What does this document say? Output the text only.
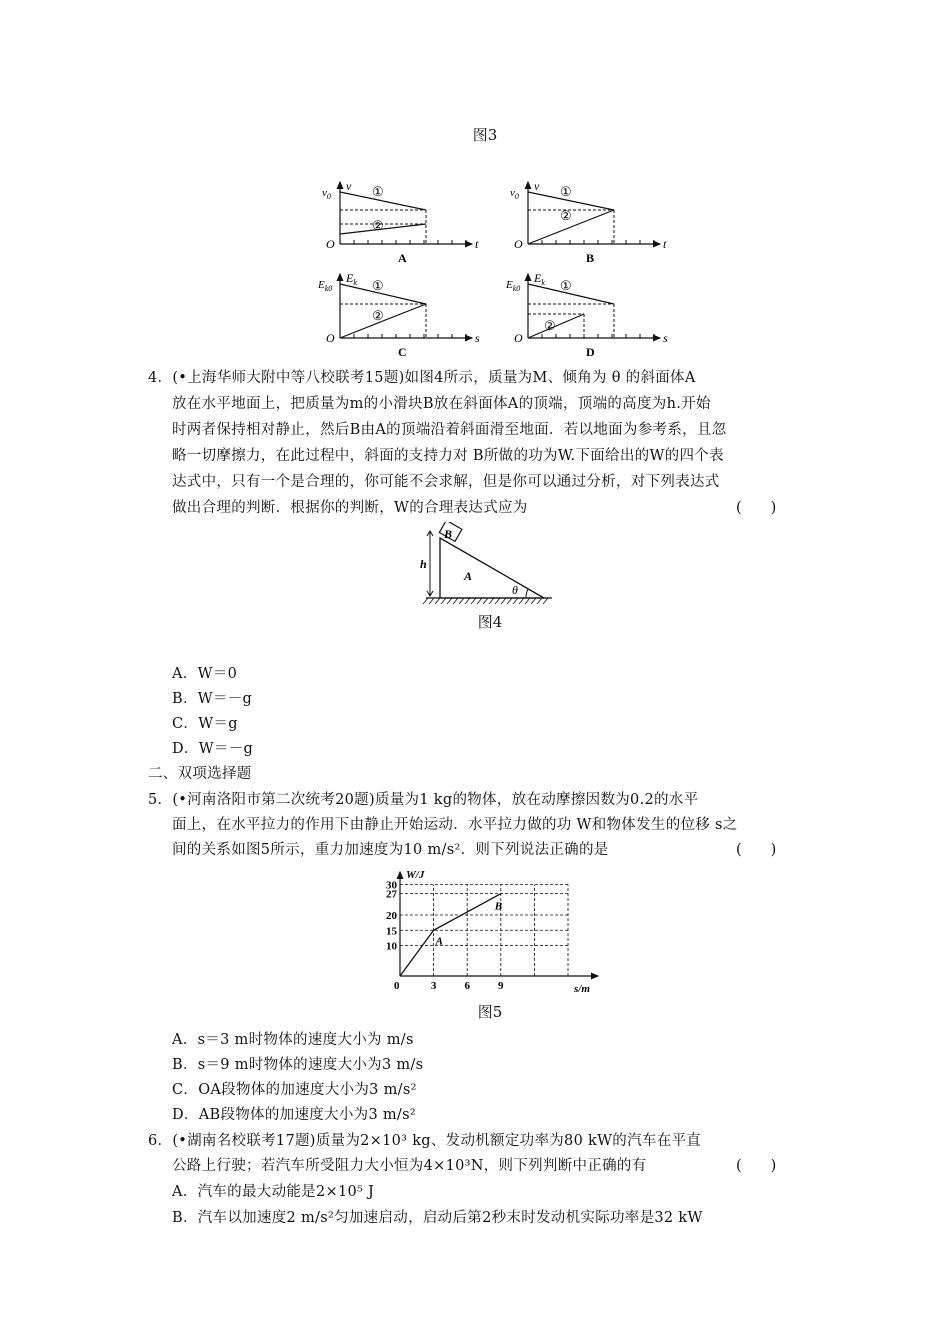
图3
v
$v_0$
O	t
①
②
A
v
$v_0$
O	t
①
②
B
$E_k$
$E_{k0}$
O	s
①
②
C
$E_k$
$E_{k0}$
O	s
①
②
D
4．(•上海华师大附中等八校联考15题)如图4所示，质量为M、倾角为 θ 的斜面体A
放在水平地面上，把质量为m的小滑块B放在斜面体A的顶端，顶端的高度为h.开始
时两者保持相对静止，然后B由A的顶端沿着斜面滑至地面．若以地面为参考系，且忽
略一切摩擦力，在此过程中，斜面的支持力对 B所做的功为W.下面给出的W的四个表
达式中，只有一个是合理的，你可能不会求解，但是你可以通过分析，对下列表达式
做出合理的判断．根据你的判断，W的合理表达式应为	(　　)
B
h
A
θ
图4
A．W＝0
B．W＝－g
C．W＝g
D．W＝－g
二、双项选择题
5．(•河南洛阳市第二次统考20题)质量为1 kg的物体，放在动摩擦因数为0.2的水平
面上，在水平拉力的作用下由静止开始运动．水平拉力做的功 W和物体发生的位移 s之
间的关系如图5所示，重力加速度为10 m/s²．则下列说法正确的是	(　　)
W/J
s/m
0
10
15
20
27
30
3	6	9
A
B
图5
A．s＝3 m时物体的速度大小为 m/s
B．s＝9 m时物体的速度大小为3 m/s
C．OA段物体的加速度大小为3 m/s²
D．AB段物体的加速度大小为3 m/s²
6．(•湖南名校联考17题)质量为2×10³ kg、发动机额定功率为80 kW的汽车在平直
公路上行驶；若汽车所受阻力大小恒为4×10³N，则下列判断中正确的有	(　　)
A．汽车的最大动能是2×10⁵ J
B．汽车以加速度2 m/s²匀加速启动，启动后第2秒末时发动机实际功率是32 kW
